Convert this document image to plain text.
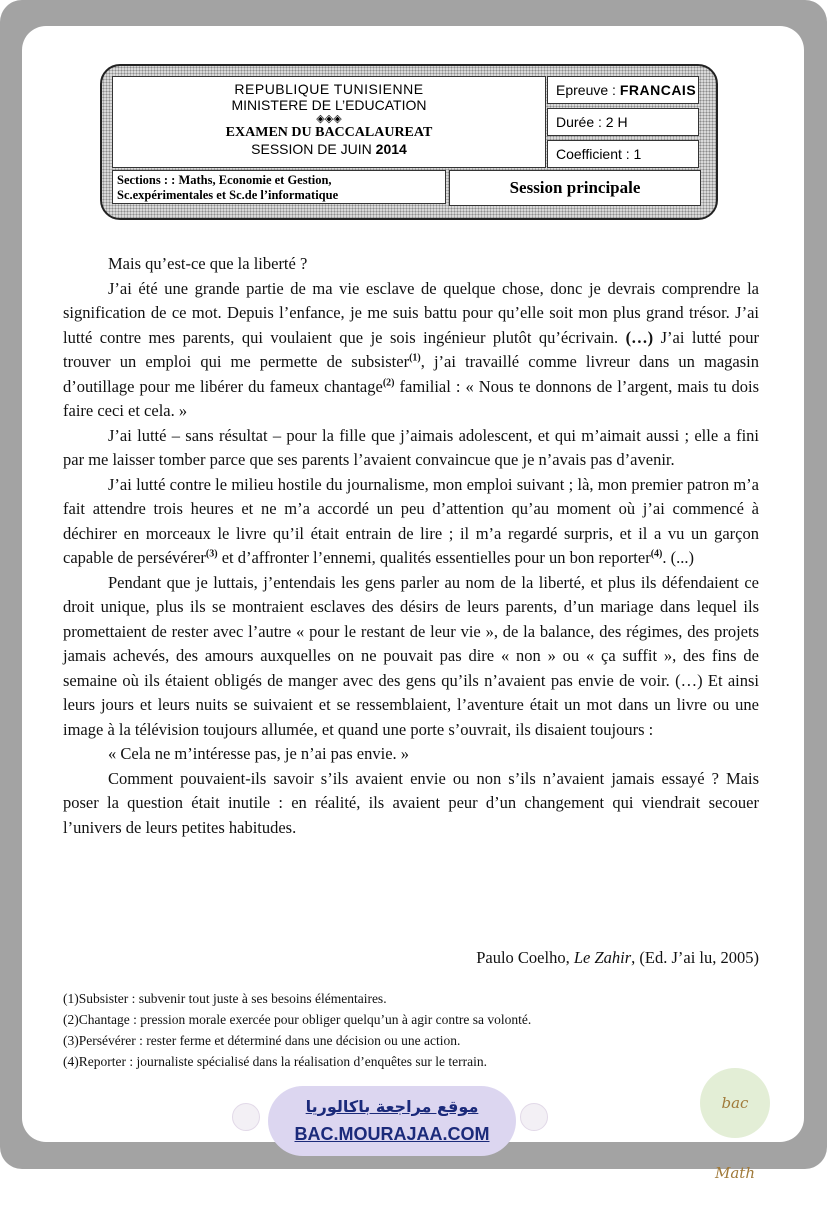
REPUBLIQUE TUNISIENNE
MINISTERE DE L’EDUCATION
◈◈◈
EXAMEN DU BACCALAUREAT
SESSION DE JUIN 2014
Epreuve : FRANCAIS
Durée : 2 H
Coefficient : 1
Sections : : Maths, Economie et Gestion,
Sc.expérimentales et Sc.de l’informatique	Session principale

Mais qu’est-ce que la liberté ?

J’ai été une grande partie de ma vie esclave de quelque chose, donc je devrais comprendre la signification de ce mot. Depuis l’enfance, je me suis battu pour qu’elle soit mon plus grand trésor. J’ai lutté contre mes parents, qui voulaient que je sois ingénieur plutôt qu’écrivain. (…) J’ai lutté pour trouver un emploi qui me permette de subsister$^{(1)}$, j’ai travaillé comme livreur dans un magasin d’outillage pour me libérer du fameux chantage$^{(2)}$ familial : « Nous te donnons de l’argent, mais tu dois faire ceci et cela. »

J’ai lutté – sans résultat – pour la fille que j’aimais adolescent, et qui m’aimait aussi ; elle a fini par me laisser tomber parce que ses parents l’avaient convaincue que je n’avais pas d’avenir.

J’ai lutté contre le milieu hostile du journalisme, mon emploi suivant ; là, mon premier patron m’a fait attendre trois heures et ne m’a accordé un peu d’attention qu’au moment où j’ai commencé à déchirer en morceaux le livre qu’il était entrain de lire ; il m’a regardé surpris, et il a vu un garçon capable de persévérer$^{(3)}$ et d’affronter l’ennemi, qualités essentielles pour un bon reporter$^{(4)}$. (...)

Pendant que je luttais, j’entendais les gens parler au nom de la liberté, et plus ils défendaient ce droit unique, plus ils se montraient esclaves des désirs de leurs parents, d’un mariage dans lequel ils promettaient de rester avec l’autre « pour le restant de leur vie », de la balance, des régimes, des projets jamais achevés, des amours auxquelles on ne pouvait pas dire « non » ou « ça suffit », des fins de semaine où ils étaient obligés de manger avec des gens qu’ils n’avaient pas envie de voir. (…) Et ainsi leurs jours et leurs nuits se suivaient et se ressemblaient, l’aventure était un mot dans un livre ou une image à la télévision toujours allumée, et quand une porte s’ouvrait, ils disaient toujours :

« Cela ne m’intéresse pas, je n’ai pas envie. »

Comment pouvaient-ils savoir s’ils avaient envie ou non s’ils n’avaient jamais essayé ? Mais poser la question était inutile : en réalité, ils avaient peur d’un changement qui viendrait secouer l’univers de leurs petites habitudes.

Paulo Coelho, Le Zahir, (Ed. J’ai lu, 2005)
(1)Subsister : subvenir tout juste à ses besoins élémentaires.
(2)Chantage : pression morale exercée pour obliger quelqu’un à agir contre sa volonté.
(3)Persévérer : rester ferme et déterminé dans une décision ou une action.
(4)Reporter : journaliste spécialisé dans la réalisation d’enquêtes sur le terrain.
موقع مراجعة باكالوريا
BAC.MOURAJAA.COM
bac Math
